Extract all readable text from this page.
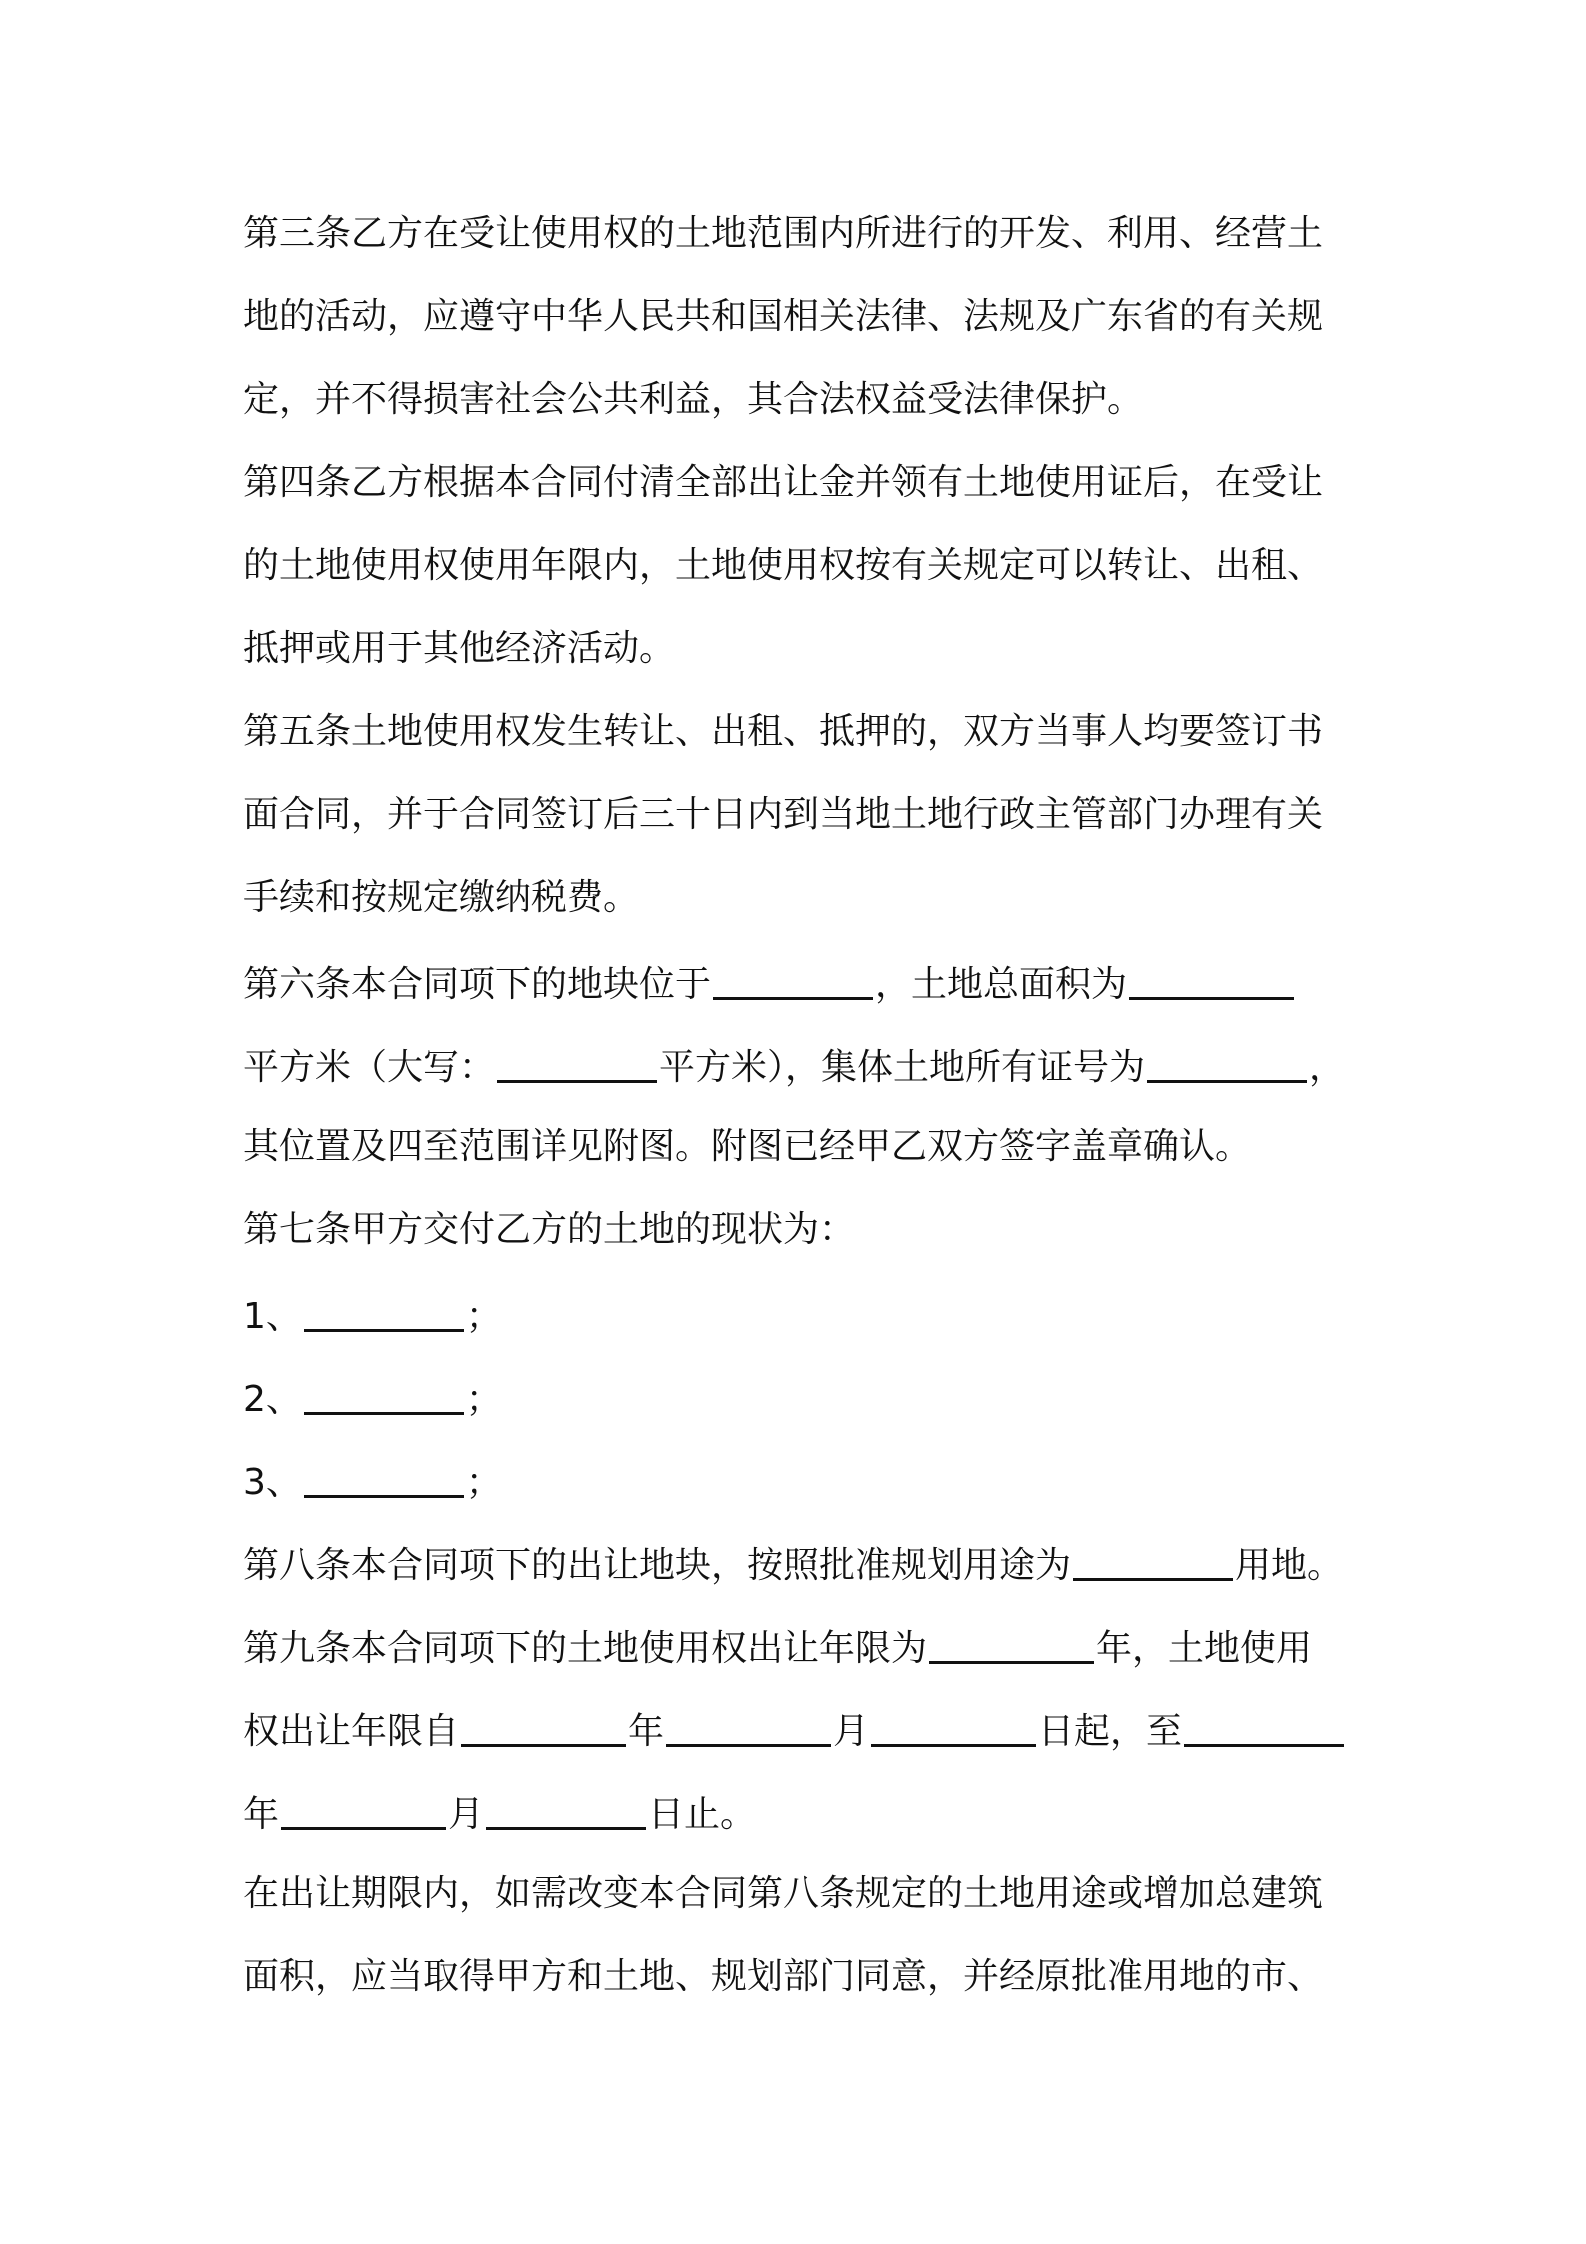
第三条乙方在受让使用权的土地范围内所进行的开发、利用、经营土
地的活动，应遵守中华人民共和国相关法律、法规及广东省的有关规
定，并不得损害社会公共利益，其合法权益受法律保护。
第四条乙方根据本合同付清全部出让金并领有土地使用证后，在受让
的土地使用权使用年限内，土地使用权按有关规定可以转让、出租、
抵押或用于其他经济活动。
第五条土地使用权发生转让、出租、抵押的，双方当事人均要签订书
面合同，并于合同签订后三十日内到当地土地行政主管部门办理有关
手续和按规定缴纳税费。
第六条本合同项下的地块位于	，土地总面积为
平方米（大写：	平方米），集体土地所有证号为	，
其位置及四至范围详见附图。附图已经甲乙双方签字盖章确认。
第七条甲方交付乙方的土地的现状为：
1、	；
2、	；
3、	；
第八条本合同项下的出让地块，按照批准规划用途为	用地。
第九条本合同项下的土地使用权出让年限为	年，土地使用
权出让年限自	年	月	日起，至
年	月	日止。
在出让期限内，如需改变本合同第八条规定的土地用途或增加总建筑
面积，应当取得甲方和土地、规划部门同意，并经原批准用地的市、
